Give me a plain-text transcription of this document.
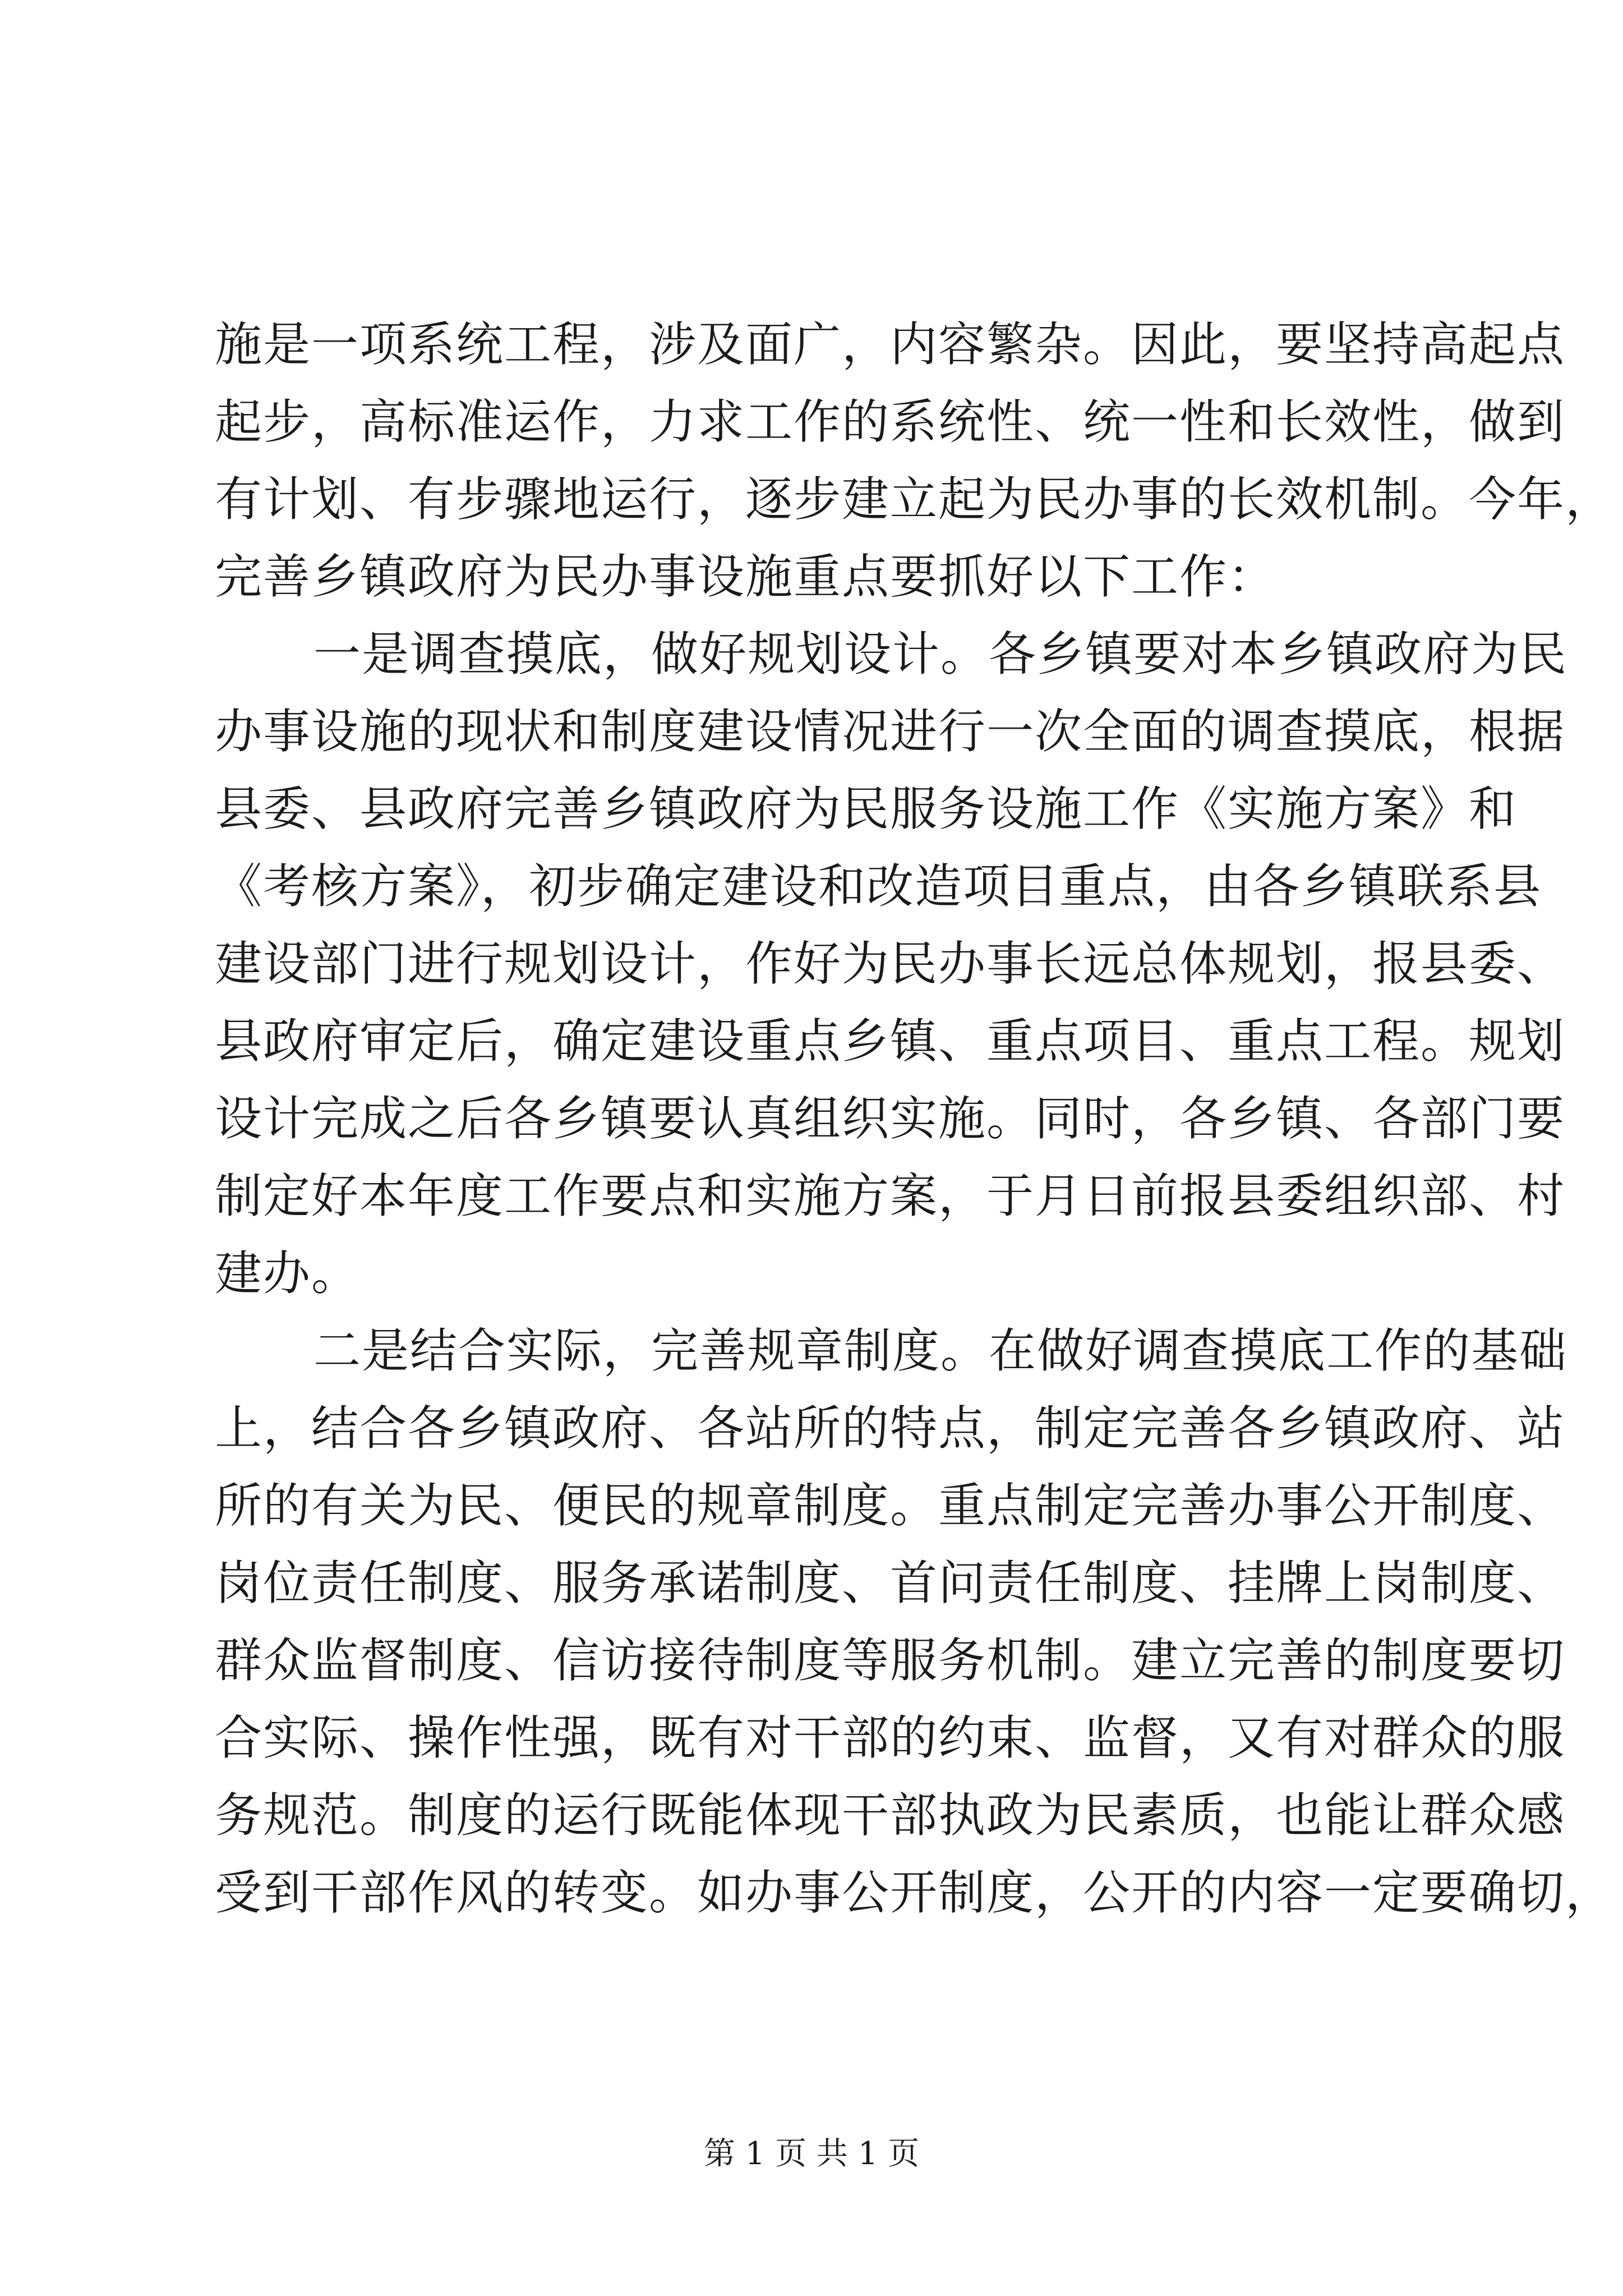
施是一项系统工程，涉及面广，内容繁杂。因此，要坚持高起点
起步，高标准运作，力求工作的系统性、统一性和长效性，做到
有计划、有步骤地运行，逐步建立起为民办事的长效机制。今年，
完善乡镇政府为民办事设施重点要抓好以下工作：
一是调查摸底，做好规划设计。各乡镇要对本乡镇政府为民
办事设施的现状和制度建设情况进行一次全面的调查摸底，根据
县委、县政府完善乡镇政府为民服务设施工作《实施方案》和
《考核方案》，初步确定建设和改造项目重点，由各乡镇联系县
建设部门进行规划设计，作好为民办事长远总体规划，报县委、
县政府审定后，确定建设重点乡镇、重点项目、重点工程。规划
设计完成之后各乡镇要认真组织实施。同时，各乡镇、各部门要
制定好本年度工作要点和实施方案，于月日前报县委组织部、村
建办。
二是结合实际，完善规章制度。在做好调查摸底工作的基础
上，结合各乡镇政府、各站所的特点，制定完善各乡镇政府、站
所的有关为民、便民的规章制度。重点制定完善办事公开制度、
岗位责任制度、服务承诺制度、首问责任制度、挂牌上岗制度、
群众监督制度、信访接待制度等服务机制。建立完善的制度要切
合实际、操作性强，既有对干部的约束、监督，又有对群众的服
务规范。制度的运行既能体现干部执政为民素质，也能让群众感
受到干部作风的转变。如办事公开制度，公开的内容一定要确切，
第 1 页 共 1 页
